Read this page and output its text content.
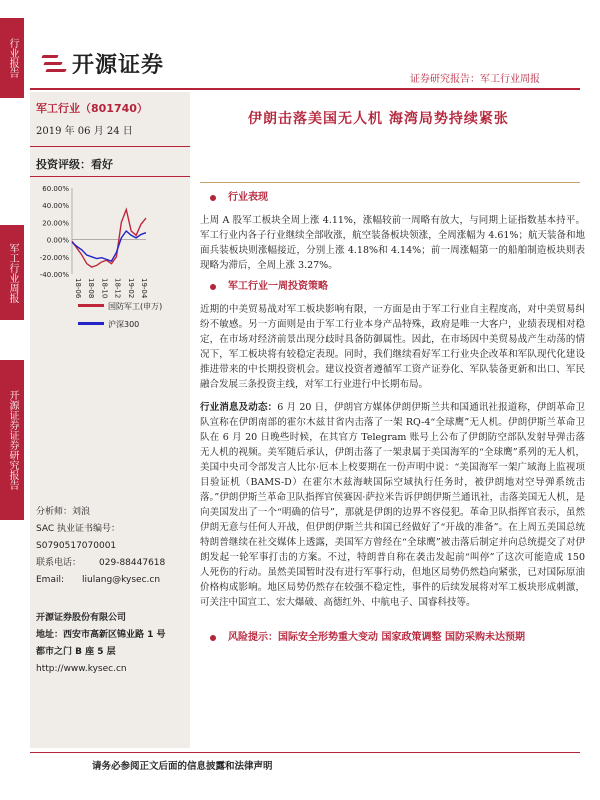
行业报告
军工行业周报
开源证券证券研究报告
开源证券
证券研究报告：军工行业周报
军工行业（801740）
2019 年 06 月 24 日
投资评级：看好
60.00%
40.00%
20.00%
0.00%
-20.00%
-40.00%
18-06 18-08 18-10 18-12 19-02 19-04
国防军工(申万)
沪深300
分析师：刘浪
SAC 执业证书编号：
S0790517070001
联系电话： 029-88447618
Email: liulang@kysec.cn
开源证券股份有限公司
地址：西安市高新区锦业路 1 号
都市之门 B 座 5 层
http://www.kysec.cn
伊朗击落美国无人机 海湾局势持续紧张
行业表现

上周 A 股军工板块全周上涨 4.11%，涨幅较前一周略有放大，与同期上证指数基本持平。军工行业内各子行业继续全部收涨，航空装备板块领涨，全周涨幅为 4.61%；航天装备和地面兵装板块则涨幅接近，分别上涨 4.18%和 4.14%；前一周涨幅第一的船舶制造板块则表现略为滞后，全周上涨 3.27%。

军工行业一周投资策略

近期的中美贸易战对军工板块影响有限，一方面是由于军工行业自主程度高，对中美贸易纠纷不敏感。另一方面则是由于军工行业本身产品特殊，政府是唯一大客户，业绩表现相对稳定，在市场对经济前景出现分歧时具备防御属性。因此，在市场因中美贸易战产生动荡的情况下，军工板块将有较稳定表现。同时，我们继续看好军工行业央企改革和军队现代化建设推进带来的中长期投资机会。建议投资者遵循军工资产证券化、军队装备更新和出口、军民融合发展三条投资主线，对军工行业进行中长期布局。

行业消息及动态：6 月 20 日，伊朗官方媒体伊朗伊斯兰共和国通讯社报道称，伊朗革命卫队宣称在伊朗南部的霍尔木兹甘省内击落了一架 RQ-4“全球鹰”无人机。伊朗伊斯兰革命卫队在 6 月 20 日晚些时候，在其官方 Telegram 账号上公布了伊朗防空部队发射导弹击落无人机的视频。美军随后承认，伊朗击落了一架隶属于美国海军的“全球鹰”系列的无人机，美国中央司令部发言人比尔·厄本上校要期在一份声明中说：“美国海军一架广域海上监视项目验证机（BAMS-D）在霍尔木兹海峡国际空域执行任务时，被伊朗地对空导弹系统击落。”伊朗伊斯兰革命卫队指挥官侯赛因·萨拉米告诉伊朗伊斯兰通讯社，击落美国无人机，是向美国发出了一个“明确的信号”，那就是伊朗的边界不容侵犯。革命卫队指挥官表示，虽然伊朗无意与任何人开战，但伊朗伊斯兰共和国已经做好了“开战的准备”。在上周五美国总统特朗普继续在社交媒体上透露，美国军方曾经在“全球鹰”被击落后制定并向总统提交了对伊朗发起一轮军事打击的方案。不过，特朗普自称在袭击发起前“叫停”了这次可能造成 150 人死伤的行动。虽然美国暂时没有进行军事行动，但地区局势仍然趋向紧张，已对国际原油价格构成影响。地区局势仍然存在较强不稳定性，事件的后续发展将对军工板块形成刺激，可关注中国宣工、宏大爆破、高德红外、中航电子、国睿科技等。

风险提示：国际安全形势重大变动 国家政策调整 国防采购未达预期
请务必参阅正文后面的信息披露和法律声明
